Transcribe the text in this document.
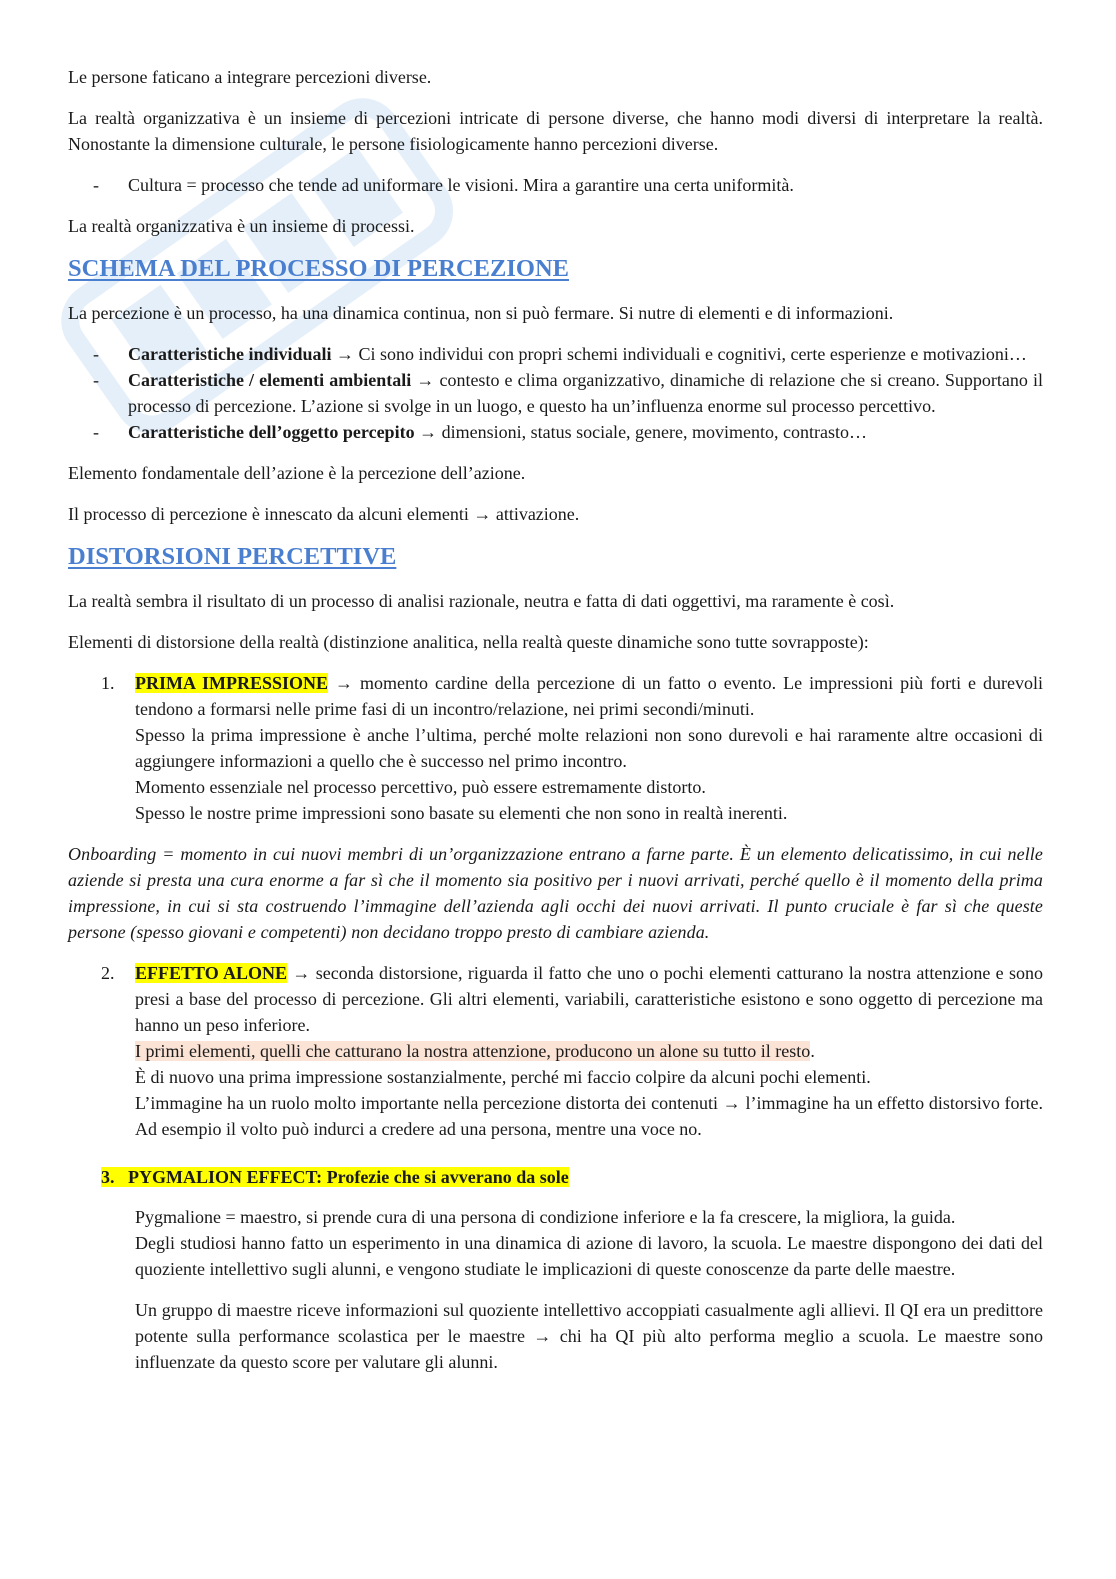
Le persone faticano a integrare percezioni diverse.

La realtà organizzativa è un insieme di percezioni intricate di persone diverse, che hanno modi diversi di interpretare la realtà. Nonostante la dimensione culturale, le persone fisiologicamente hanno percezioni diverse.

- Cultura = processo che tende ad uniformare le visioni. Mira a garantire una certa uniformità.

La realtà organizzativa è un insieme di processi.

SCHEMA DEL PROCESSO DI PERCEZIONE

La percezione è un processo, ha una dinamica continua, non si può fermare. Si nutre di elementi e di informazioni.

- Caratteristiche individuali → Ci sono individui con propri schemi individuali e cognitivi, certe esperienze e motivazioni…
- Caratteristiche / elementi ambientali → contesto e clima organizzativo, dinamiche di relazione che si creano. Supportano il processo di percezione. L’azione si svolge in un luogo, e questo ha un’influenza enorme sul processo percettivo.
- Caratteristiche dell’oggetto percepito → dimensioni, status sociale, genere, movimento, contrasto…

Elemento fondamentale dell’azione è la percezione dell’azione.

Il processo di percezione è innescato da alcuni elementi → attivazione.

DISTORSIONI PERCETTIVE

La realtà sembra il risultato di un processo di analisi razionale, neutra e fatta di dati oggettivi, ma raramente è così.

Elementi di distorsione della realtà (distinzione analitica, nella realtà queste dinamiche sono tutte sovrapposte):

1. PRIMA IMPRESSIONE → momento cardine della percezione di un fatto o evento. Le impressioni più forti e durevoli tendono a formarsi nelle prime fasi di un incontro/relazione, nei primi secondi/minuti.

Spesso la prima impressione è anche l’ultima, perché molte relazioni non sono durevoli e hai raramente altre occasioni di aggiungere informazioni a quello che è successo nel primo incontro.

Momento essenziale nel processo percettivo, può essere estremamente distorto.

Spesso le nostre prime impressioni sono basate su elementi che non sono in realtà inerenti.

Onboarding = momento in cui nuovi membri di un’organizzazione entrano a farne parte. È un elemento delicatissimo, in cui nelle aziende si presta una cura enorme a far sì che il momento sia positivo per i nuovi arrivati, perché quello è il momento della prima impressione, in cui si sta costruendo l’immagine dell’azienda agli occhi dei nuovi arrivati. Il punto cruciale è far sì che queste persone (spesso giovani e competenti) non decidano troppo presto di cambiare azienda.

2. EFFETTO ALONE → seconda distorsione, riguarda il fatto che uno o pochi elementi catturano la nostra attenzione e sono presi a base del processo di percezione. Gli altri elementi, variabili, caratteristiche esistono e sono oggetto di percezione ma hanno un peso inferiore.

I primi elementi, quelli che catturano la nostra attenzione, producono un alone su tutto il resto.

È di nuovo una prima impressione sostanzialmente, perché mi faccio colpire da alcuni pochi elementi.

L’immagine ha un ruolo molto importante nella percezione distorta dei contenuti → l’immagine ha un effetto distorsivo forte. Ad esempio il volto può indurci a credere ad una persona, mentre una voce no.

3.   PYGMALION EFFECT: Profezie che si avverano da sole

Pygmalione = maestro, si prende cura di una persona di condizione inferiore e la fa crescere, la migliora, la guida.

Degli studiosi hanno fatto un esperimento in una dinamica di azione di lavoro, la scuola. Le maestre dispongono dei dati del quoziente intellettivo sugli alunni, e vengono studiate le implicazioni di queste conoscenze da parte delle maestre.

Un gruppo di maestre riceve informazioni sul quoziente intellettivo accoppiati casualmente agli allievi. Il QI era un predittore potente sulla performance scolastica per le maestre → chi ha QI più alto performa meglio a scuola. Le maestre sono influenzate da questo score per valutare gli alunni.
